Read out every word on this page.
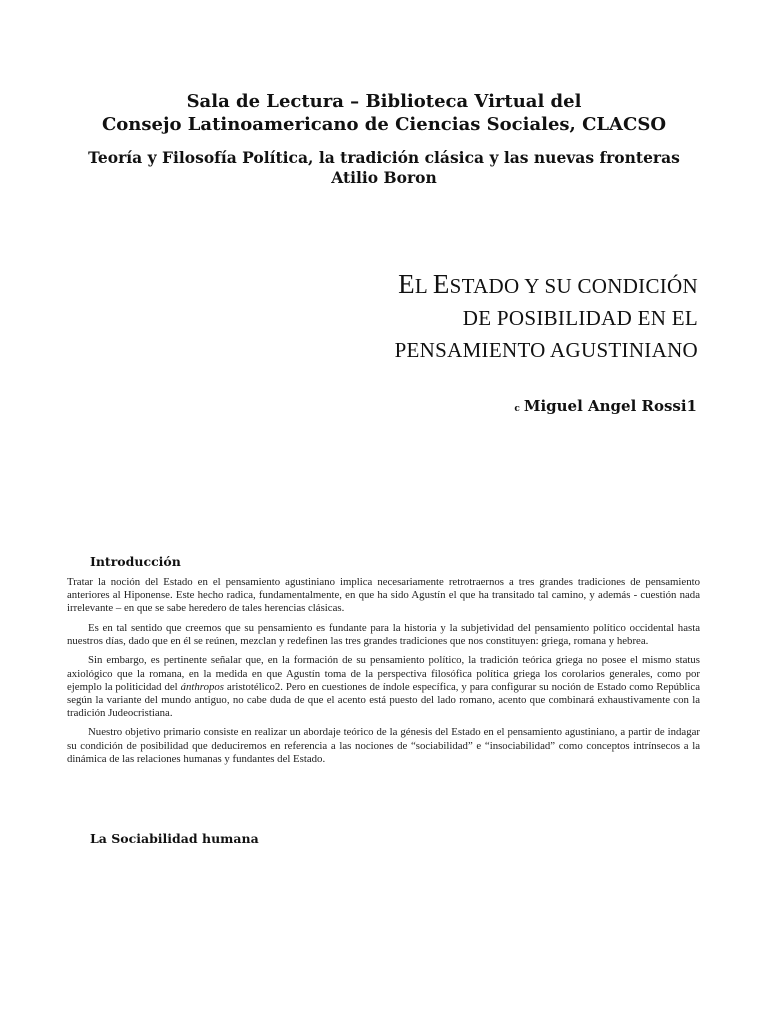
Sala de Lectura – Biblioteca Virtual del

Consejo Latinoamericano de Ciencias Sociales, CLACSO

Teoría y Filosofía Política, la tradición clásica y las nuevas fronteras

Atilio Boron

EL ESTADO Y SU CONDICIÓN
DE POSIBILIDAD EN EL
PENSAMIENTO AGUSTINIANO
c Miguel Angel Rossi1
Introducción

Tratar la noción del Estado en el pensamiento agustiniano implica necesariamente retrotraernos a tres grandes tradiciones de pensamiento anteriores al Hiponense. Este hecho radica, fundamentalmente, en que ha sido Agustín el que ha transitado tal camino, y además - cuestión nada irrelevante – en que se sabe heredero de tales herencias clásicas.

Es en tal sentido que creemos que su pensamiento es fundante para la historia y la subjetividad del pensamiento político occidental hasta nuestros días, dado que en él se reúnen, mezclan y redefinen las tres grandes tradiciones que nos constituyen: griega, romana y hebrea.

Sin embargo, es pertinente señalar que, en la formación de su pensamiento político, la tradición teórica griega no posee el mismo status axiológico que la romana, en la medida en que Agustín toma de la perspectiva filosófica política griega los corolarios generales, como por ejemplo la politicidad del ánthropos aristotélico2. Pero en cuestiones de índole específica, y para configurar su noción de Estado como República según la variante del mundo antiguo, no cabe duda de que el acento está puesto del lado romano, acento que combinará exhaustivamente con la tradición Judeocristiana.

Nuestro objetivo primario consiste en realizar un abordaje teórico de la génesis del Estado en el pensamiento agustiniano, a partir de indagar su condición de posibilidad que deduciremos en referencia a las nociones de “sociabilidad” e “insociabilidad” como conceptos intrínsecos a la dinámica de las relaciones humanas y fundantes del Estado.

La Sociabilidad humana
